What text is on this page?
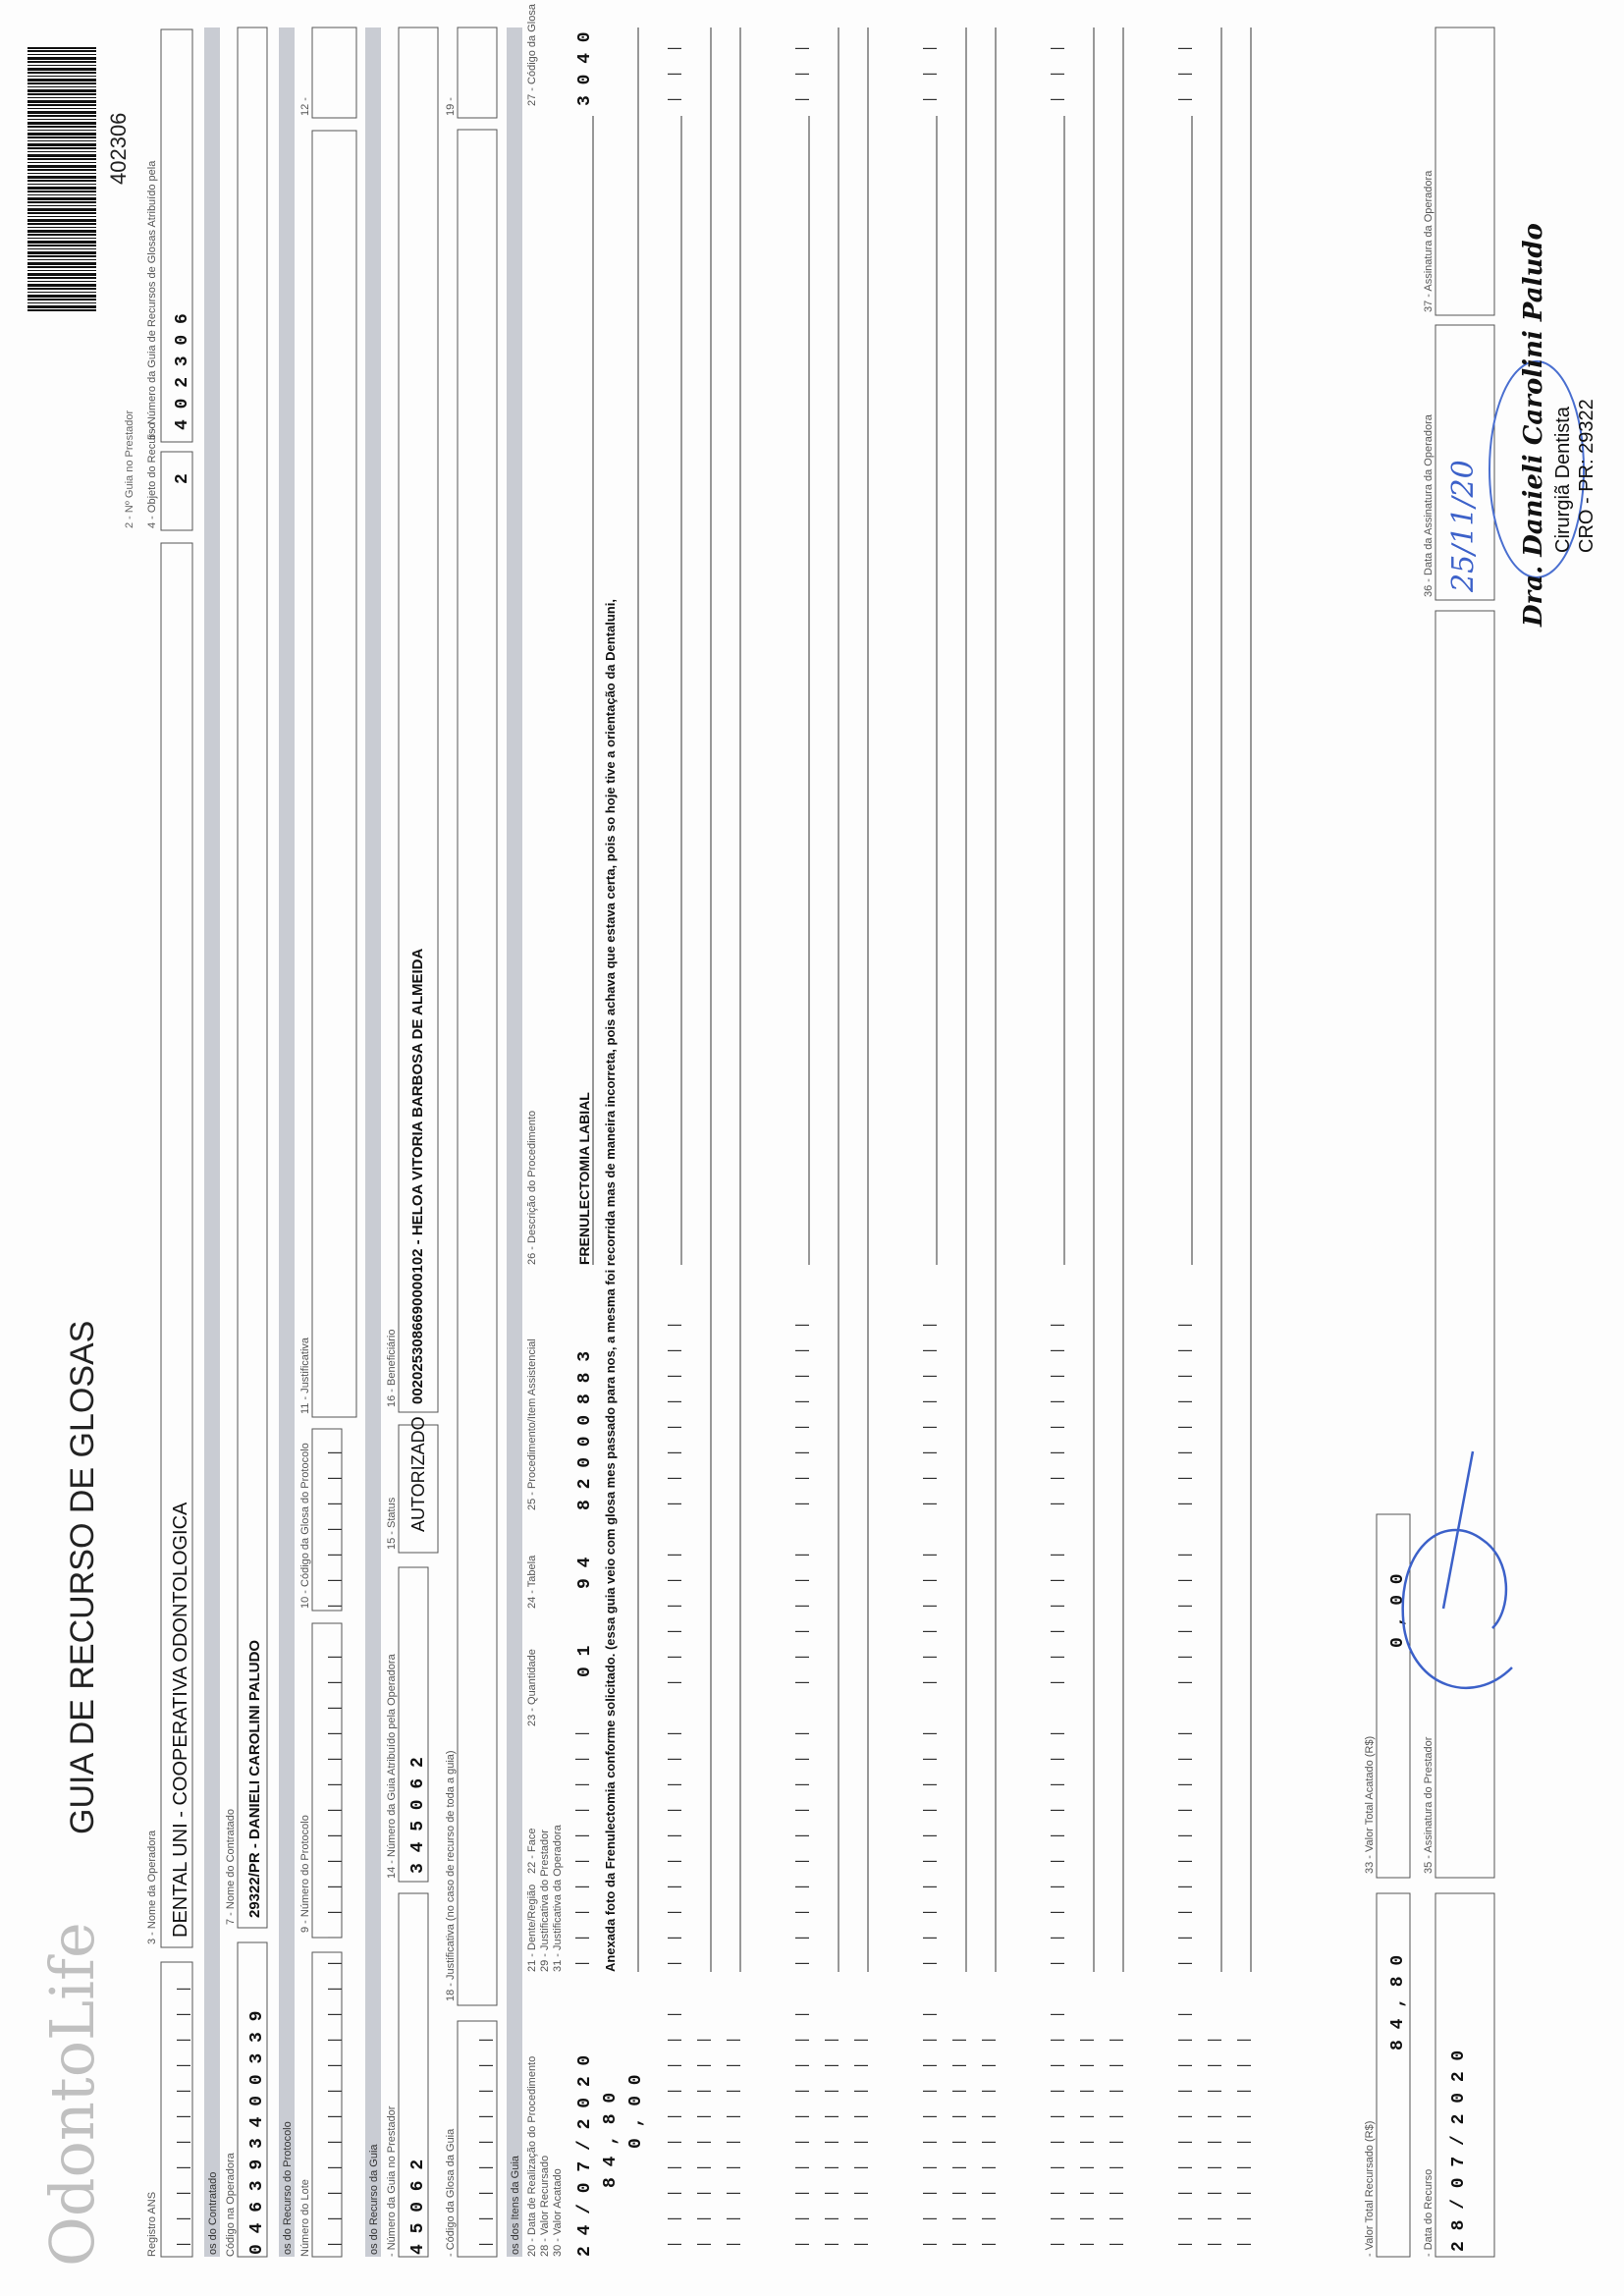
OdontoLife
GUIA DE RECURSO DE GLOSAS
402306
2 - Nº Guia no Prestador
Registro ANS
3 - Nome da Operadora DENTAL UNI - COOPERATIVA ODONTOLOGICA
4 - Objeto do Recurso 2
5 - Número da Guia de Recursos de Glosas Atribuído pela 4 0 2 3 0 6
os do Contratado Código na Operadora 0 4 6 3 9 3 4 0 0 3 3 9
7 - Nome do Contratado 29322/PR - DANIELI CAROLINI PALUDO
os do Recurso do Protocolo Número do Lote
9 - Número do Protocolo
10 - Código da Glosa do Protocolo
11 - Justificativa
12 -
os do Recurso da Guia - Número da Guia no Prestador 4 5 0 6 2
14 - Número da Guia Atribuído pela Operadora 3 4 5 0 6 2
15 - Status AUTORIZADO
16 - Beneficiário 0020253086690000102 - HELOA VITORIA BARBOSA DE ALMEIDA
- Código da Glosa da Guia
18 - Justificativa (no caso de recurso de toda a guia)
19 -
os dos Itens da Guia 20 - Data de Realização do Procedimento
21 - Dente/Região
22 - Face
23 - Quantidade
24 - Tabela
25 - Procedimento/Item Assistencial
26 - Descrição do Procedimento
27 - Código da Glosa
28 - Valor Recursado
29 - Justificativa do Prestador
30 - Valor Acatado
31 - Justificativa da Operadora
2 4 / 0 7 / 2 0 2 0
0 1
9 4
8 2 0 0 0 8 8 3
FRENULECTOMIA LABIAL
3 0 4 0
8 4 , 8 0
Anexada foto da Frenulectomia conforme solicitado. (essa guia veio com glosa mes passado para nos, a mesma foi recorrida mas de maneira incorreta, pois achava que estava certa, pois so hoje tive a orientação da Dentaluni,
0 , 0 0
- Valor Total Recursado (R$)
8 4 , 8 0
33 - Valor Total Acatado (R$)
0 , 0 0
- Data do Recurso 2 8 / 0 7 / 2 0 2 0
35 - Assinatura do Prestador
36 - Data da Assinatura da Operadora 25/11/20
37 - Assinatura da Operadora	Dra. Danieli Carolini Paludo Cirurgiã Dentista CRO - PR: 29322
